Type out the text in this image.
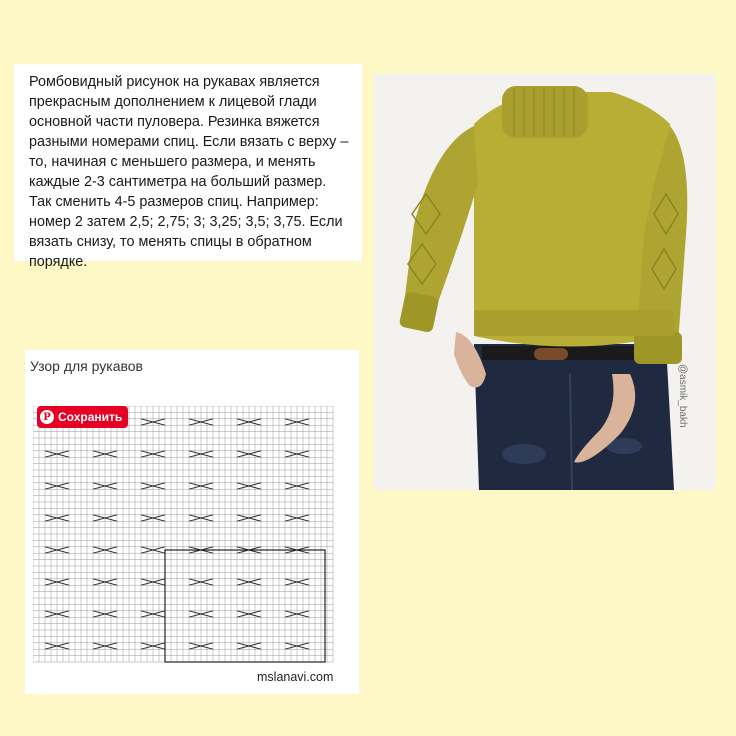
Ромбовидный рисунок на рукавах является прекрасным дополнением к лицевой глади основной части пуловера. Резинка вяжется разными номерами спиц. Если вязать с верху – то, начиная с меньшего размера, и менять каждые 2-3 сантиметра на больший размер. Так сменить 4-5 размеров спиц. Например: номер 2 затем 2,5; 2,75; 3; 3,25; 3,5; 3,75. Если вязать снизу, то менять спицы в обратном порядке.

@asmik_bakh
Узор для рукавов
P Сохранить
mslanavi.com
